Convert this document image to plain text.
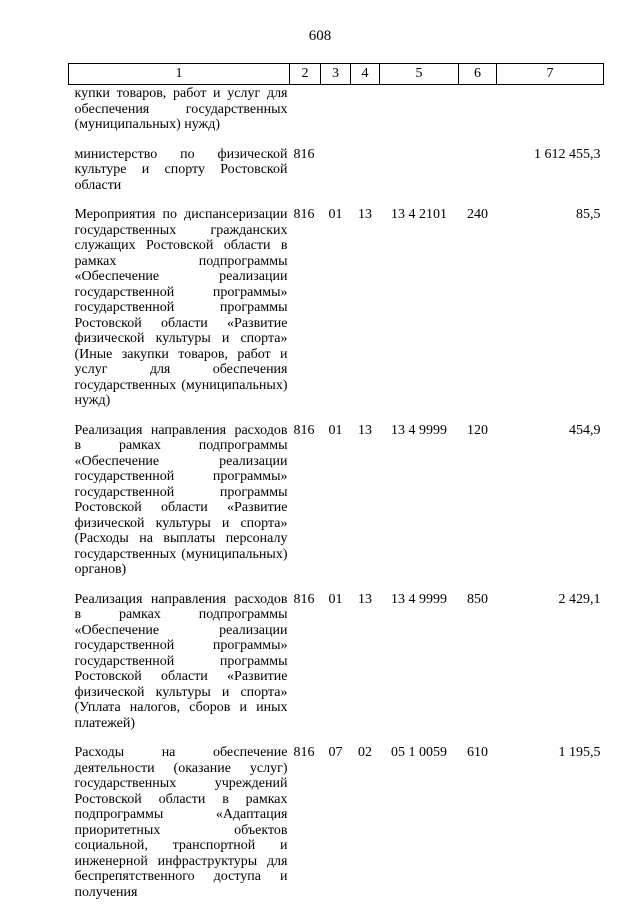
608
1	2	3	4	5	6	7
купки товаров, работ и услуг для обеспечения государственных (муниципальных) нужд)						
министерство по физической культуре и спорту Ростовской области	816					1 612 455,3
Мероприятия по диспансеризации государственных гражданских служащих Ростовской области в рамках подпрограммы «Обеспечение реализации государственной программы» государственной программы Ростовской области «Развитие физической культуры и спорта» (Иные закупки товаров, работ и услуг для обеспечения государственных (муниципальных) нужд)	816	01	13	13 4 2101	240	85,5
Реализация направления расходов в рамках подпрограммы «Обеспечение реализации государственной программы» государственной программы Ростовской области «Развитие физической культуры и спорта» (Расходы на выплаты персоналу государственных (муниципальных) органов)	816	01	13	13 4 9999	120	454,9
Реализация направления расходов в рамках подпрограммы «Обеспечение реализации государственной программы» государственной программы Ростовской области «Развитие физической культуры и спорта» (Уплата налогов, сборов и иных платежей)	816	01	13	13 4 9999	850	2 429,1
Расходы на обеспечение деятельности (оказание услуг) государственных учреждений Ростовской области в рамках подпрограммы «Адаптация приоритетных объектов социальной, транспортной и инженерной инфраструктуры для беспрепятственного доступа и получения	816	07	02	05 1 0059	610	1 195,5
